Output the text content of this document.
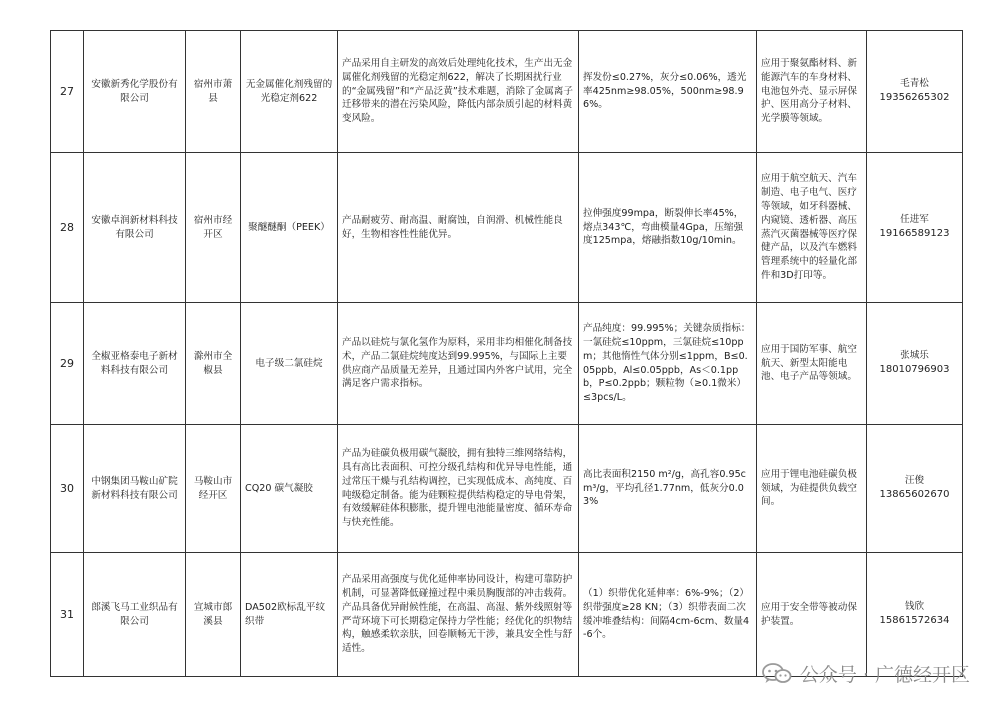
27	安徽新秀化学股份有限公司	宿州市萧县	无金属催化剂残留的光稳定剂622	产品采用自主研发的高效后处理纯化技术，生产出无金属催化剂残留的光稳定剂622，解决了长期困扰行业的“金属残留”和“产品泛黄”技术难题，消除了金属离子迁移带来的潜在污染风险，降低内部杂质引起的材料黄变风险。	挥发份≤0.27%，灰分≤0.06%，透光率425nm≥98.05%，500nm≥98.96%。	应用于聚氨酯材料、新能源汽车的车身材料、电池包外壳、显示屏保护、医用高分子材料、光学膜等领域。	毛青松
19356265302

28	安徽卓润新材料科技有限公司	宿州市经开区	聚醚醚酮（PEEK）	产品耐疲劳、耐高温、耐腐蚀，自润滑、机械性能良好，生物相容性性能优异。	拉伸强度99mpa，断裂伸长率45%，熔点343℃，弯曲模量4Gpa，压缩强度125mpa，熔融指数10g/10min。	应用于航空航天、汽车制造、电子电气、医疗等领域，如牙科器械、内窥镜、透析器、高压蒸汽灭菌器械等医疗保健产品，以及汽车燃料管理系统中的轻量化部件和3D打印等。	任进军
19166589123

29	全椒亚格泰电子新材料科技有限公司	滁州市全椒县	电子级二氯硅烷	产品以硅烷与氯化氢作为原料，采用非均相催化制备技术，产品二氯硅烷纯度达到99.995%，与国际上主要供应商产品质量无差异，且通过国内外客户试用，完全满足客户需求指标。	产品纯度：99.995%；关键杂质指标：一氯硅烷≤10ppm，三氯硅烷≤10ppm；其他惰性气体分别≤1ppm，B≤0.05ppb，Al≤0.05ppb，As＜0.1ppb，P≤0.2ppb；颗粒物（≥0.1微米）≤3pcs/L。	应用于国防军事、航空航天、新型太阳能电池、电子产品等领域。	张城乐
18010796903

30	中钢集团马鞍山矿院新材料科技有限公司	马鞍山市经开区	CQ20 碳气凝胶	产品为硅碳负极用碳气凝胶，拥有独特三维网络结构，具有高比表面积、可控分级孔结构和优异导电性能，通过常压干燥与孔结构调控，已实现低成本、高纯度、百吨级稳定制备。能为硅颗粒提供结构稳定的导电骨架，有效缓解硅体积膨胀，提升锂电池能量密度、循环寿命与快充性能。	高比表面积2150 m²/g，高孔容0.95cm³/g，平均孔径1.77nm，低灰分0.03%	应用于锂电池硅碳负极领域，为硅提供负载空间。	汪俊
13865602670

31	郎溪飞马工业织品有限公司	宣城市郎溪县	DA502欧标乱平纹织带	产品采用高强度与优化延伸率协同设计，构建可靠防护机制，可显著降低碰撞过程中乘员胸腹部的冲击载荷。产品具备优异耐候性能，在高温、高湿、紫外线照射等严苛环境下可长期稳定保持力学性能；经优化的织物结构，触感柔软亲肤，回卷顺畅无干涉，兼具安全性与舒适性。	（1）织带优化延伸率：6%-9%；（2）织带强度≥28 KN；（3）织带表面二次缓冲堆叠结构：间隔4cm-6cm、数量4-6个。	应用于安全带等被动保护装置。	钱欣
15861572634
公众号 · 广德经开区
